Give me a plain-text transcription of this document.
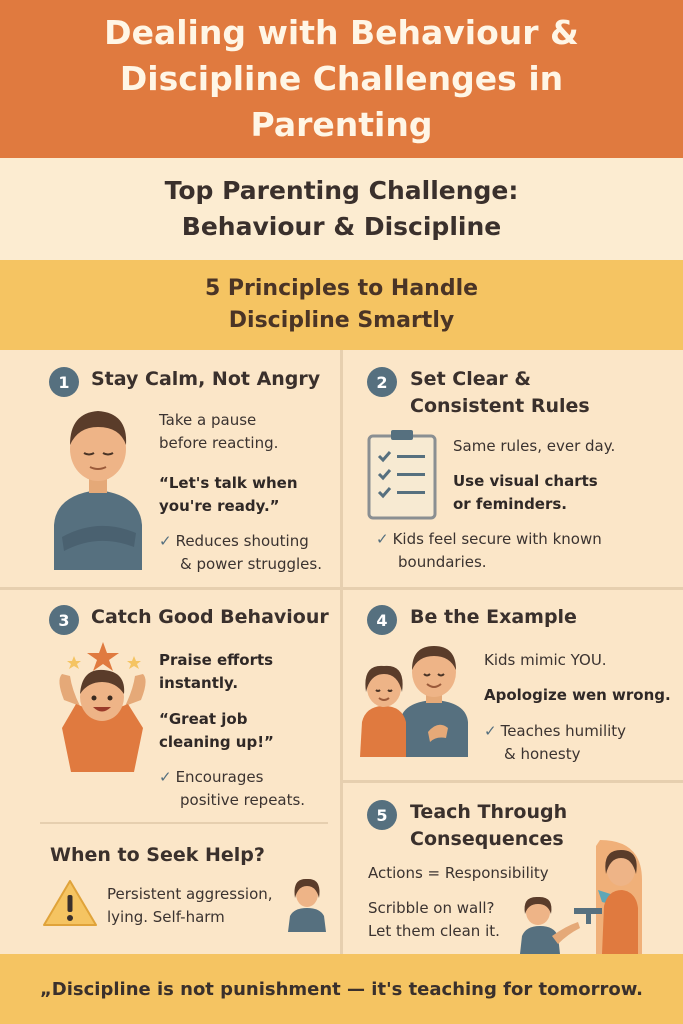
Dealing with Behaviour & Discipline Challenges in Parenting
Top Parenting Challenge: Behaviour & Discipline
5 Principles to Handle Discipline Smartly
1	Stay Calm, Not Angry
Take a pause
before reacting.
“Let's talk when
you're ready.”
✓ Reduces shouting
& power struggles.
2	Set Clear &
Consistent Rules
Same rules, ever day.
Use visual charts
or feminders.
✓ Kids feel secure with known
boundaries.
3	Catch Good Behaviour
Praise efforts
instantly.
“Great job
cleaning up!”
✓ Encourages
positive repeats.
4	Be the Example
Kids mimic YOU.
Apologize wen wrong.
✓ Teaches humility
& honesty
When to Seek Help?
Persistent aggression,
lying. Self-harm
5	Teach Through
Consequences
Actions = Responsibility
Scribble on wall?
Let them clean it.

„Discipline is not punishment — it's teaching for tomorrow.
